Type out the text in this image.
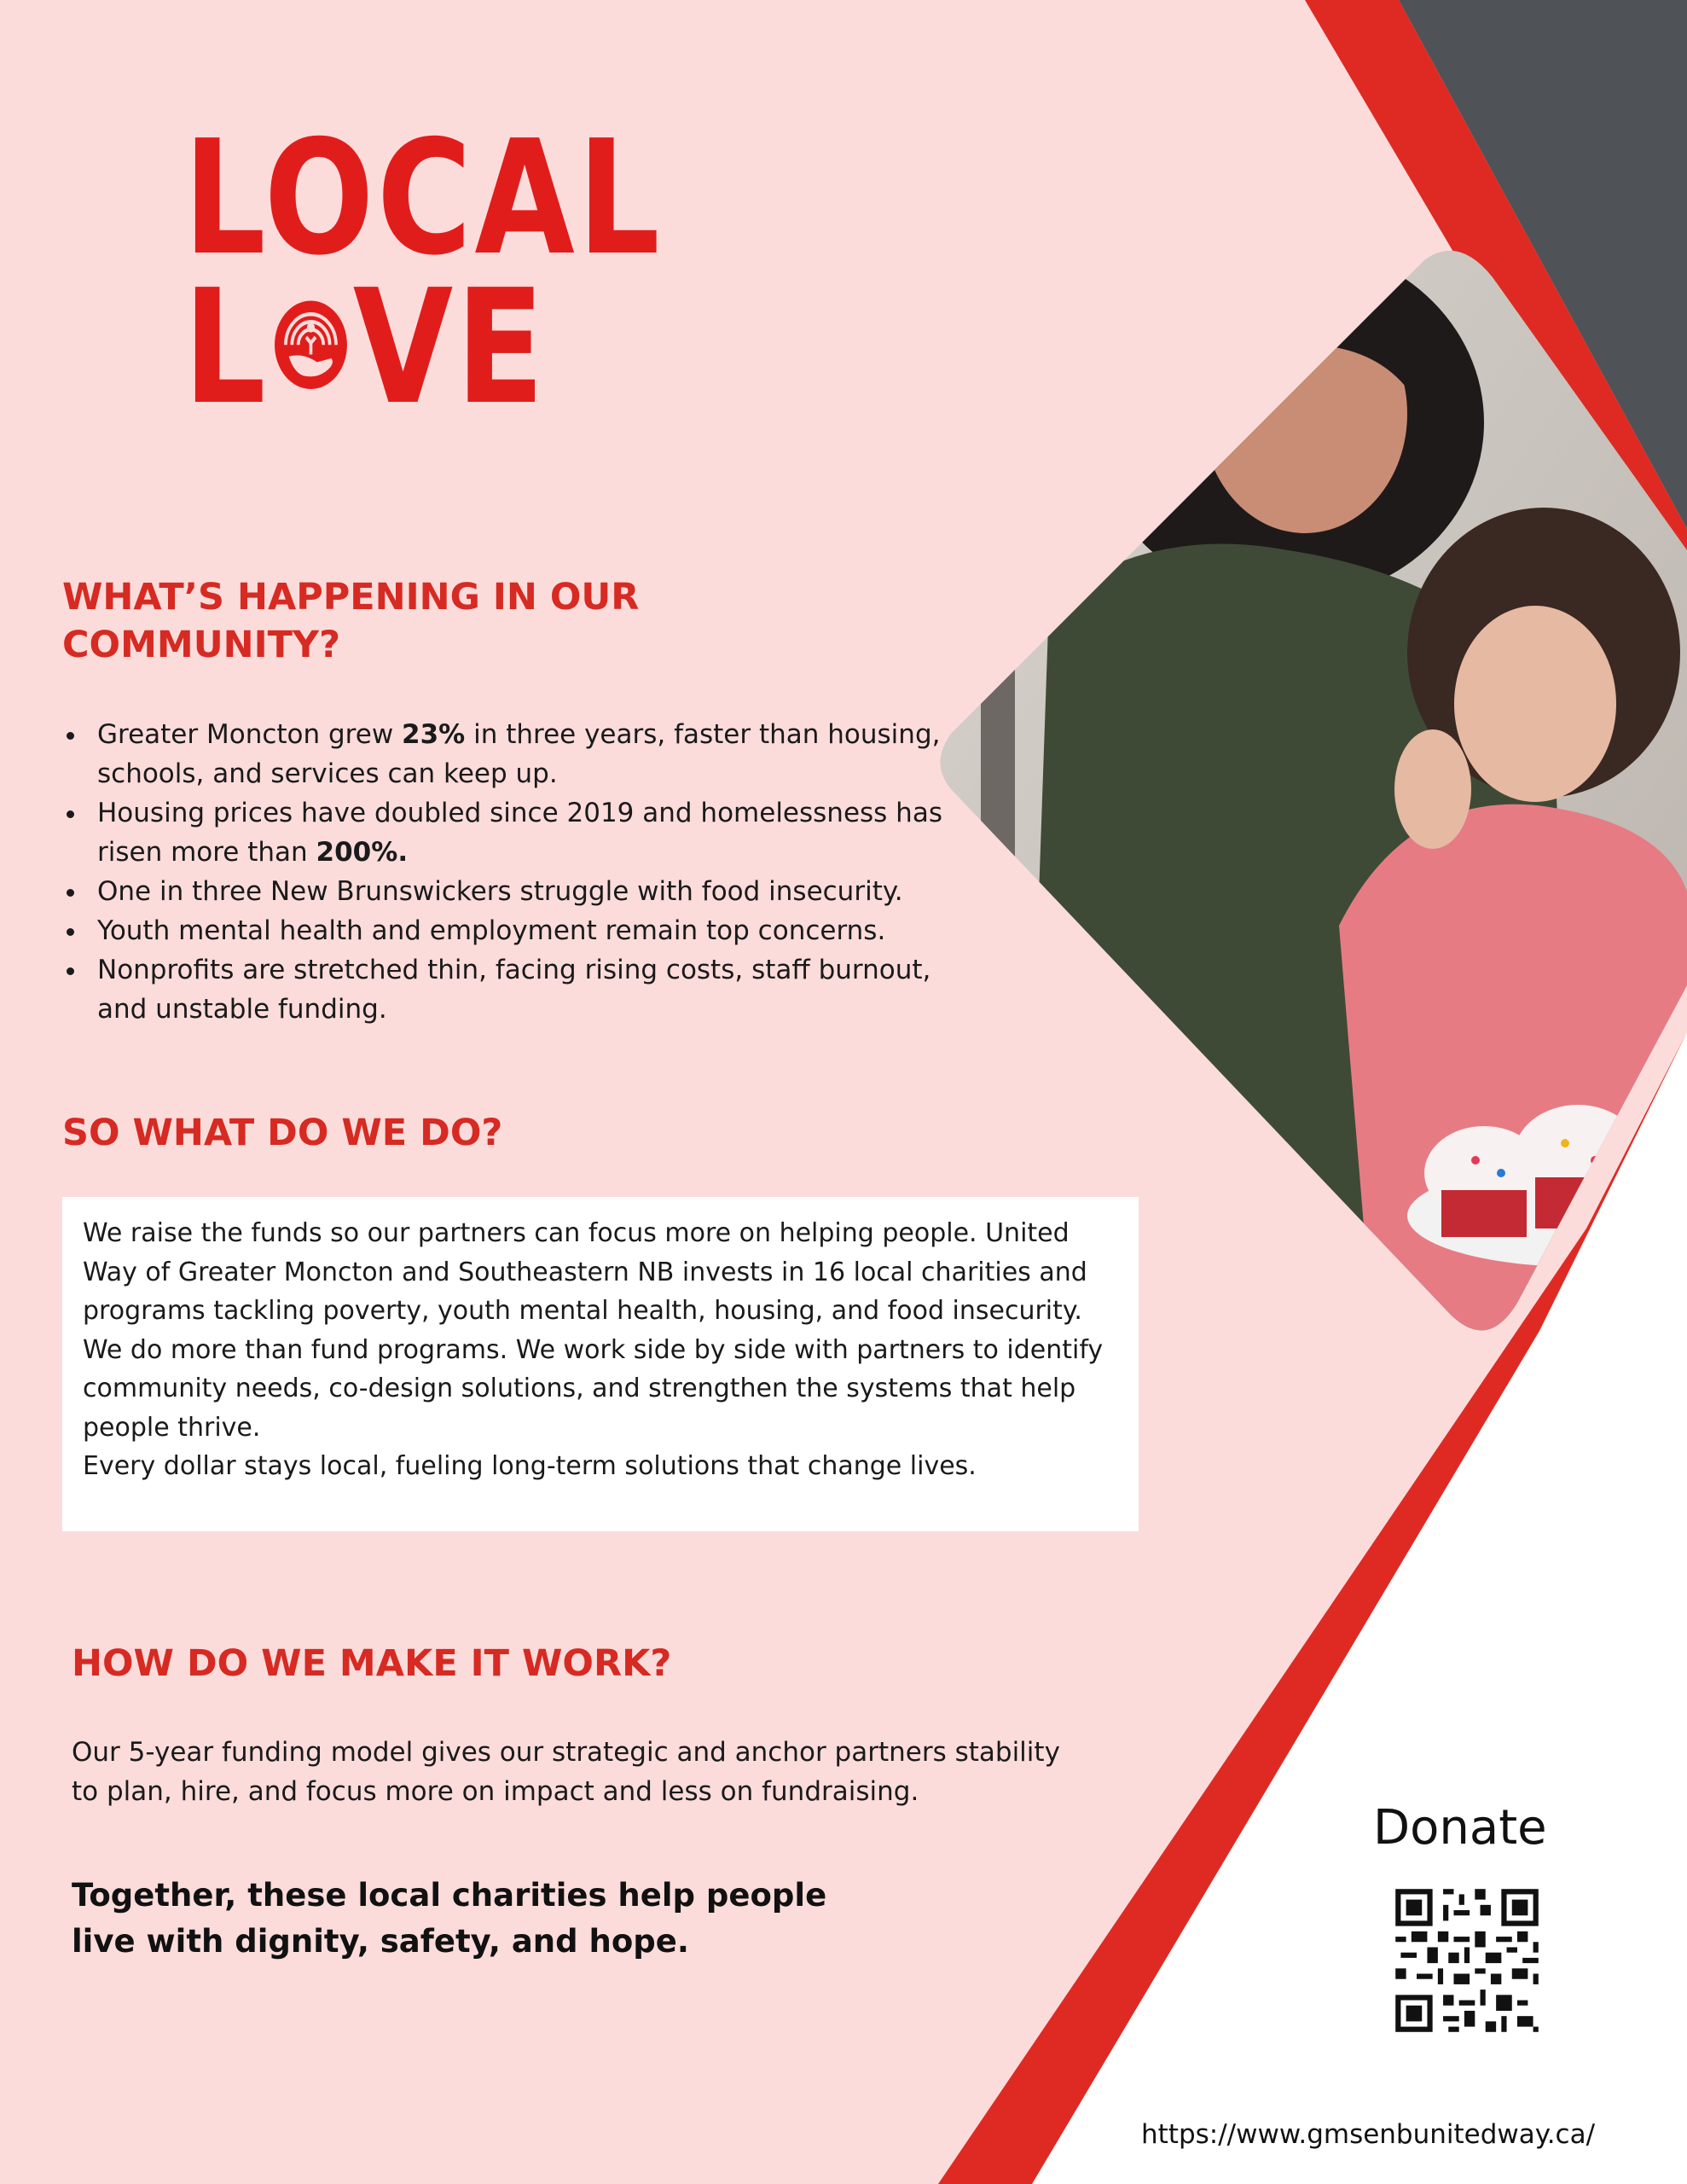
LOCAL
L VE
WHAT’S HAPPENING IN OUR
COMMUNITY?
Greater Moncton grew 23% in three years, faster than housing, schools, and services can keep up.
Housing prices have doubled since 2019 and homelessness has risen more than 200%.
One in three New Brunswickers struggle with food insecurity.
Youth mental health and employment remain top concerns.
Nonprofits are stretched thin, facing rising costs, staff burnout, and unstable funding.
SO WHAT DO WE DO?

We raise the funds so our partners can focus more on helping people. United Way of Greater Moncton and Southeastern NB invests in 16 local charities and programs tackling poverty, youth mental health, housing, and food insecurity.

We do more than fund programs. We work side by side with partners to identify community needs, co-design solutions, and strengthen the systems that help people thrive.

Every dollar stays local, fueling long-term solutions that change lives.

HOW DO WE MAKE IT WORK?

Our 5-year funding model gives our strategic and anchor partners stability to plan, hire, and focus more on impact and less on fundraising.

Together, these local charities help people
live with dignity, safety, and hope.

Donate
https://www.gmsenbunitedway.ca/
